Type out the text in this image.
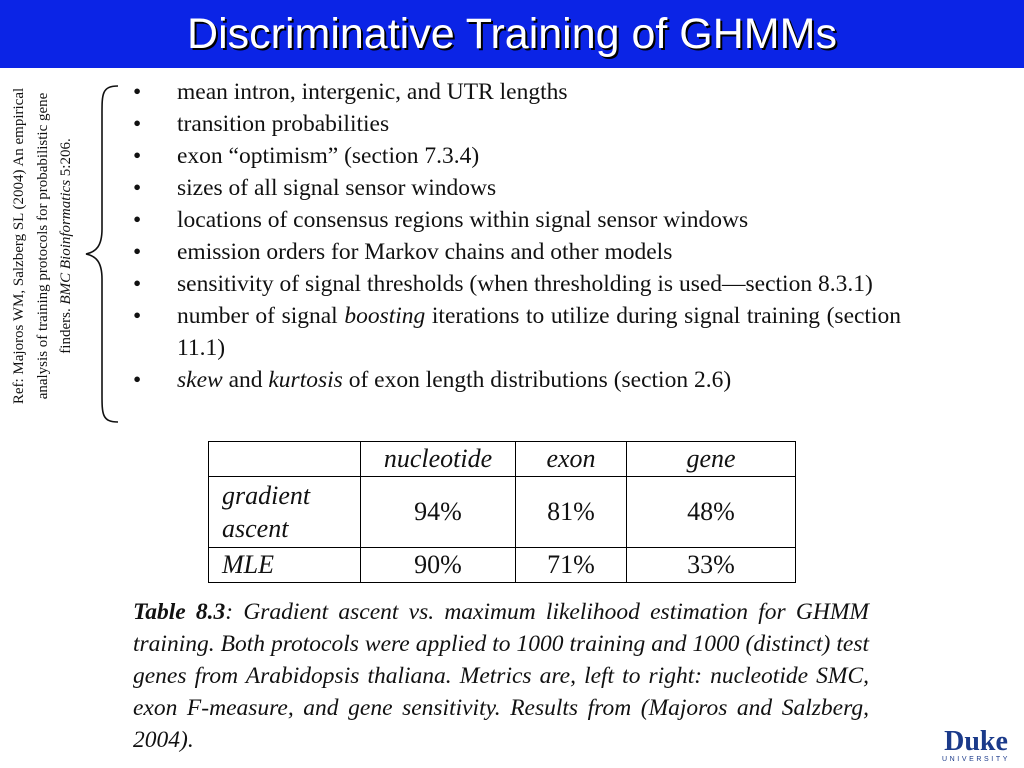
Discriminative Training of GHMMs
Ref: Majoros WM, Salzberg SL (2004) An empirical analysis of training protocols for probabilistic gene finders. BMC Bioinformatics 5:206.
• mean intron, intergenic, and UTR lengths
• transition probabilities
• exon “optimism” (section 7.3.4)
• sizes of all signal sensor windows
• locations of consensus regions within signal sensor windows
• emission orders for Markov chains and other models
• sensitivity of signal thresholds (when thresholding is used—section 8.3.1)
• number of signal boosting iterations to utilize during signal training (section 11.1)
• skew and kurtosis of exon length distributions (section 2.6)
	nucleotide	exon	gene
gradient
ascent	94%	81%	48%
MLE	90%	71%	33%

Table 8.3: Gradient ascent vs. maximum likelihood estimation for GHMM training. Both protocols were applied to 1000 training and 1000 (distinct) test genes from Arabidopsis thaliana. Metrics are, left to right: nucleotide SMC, exon F-measure, and gene sensitivity. Results from (Majoros and Salzberg, 2004).	Duke
UNIVERSITY
